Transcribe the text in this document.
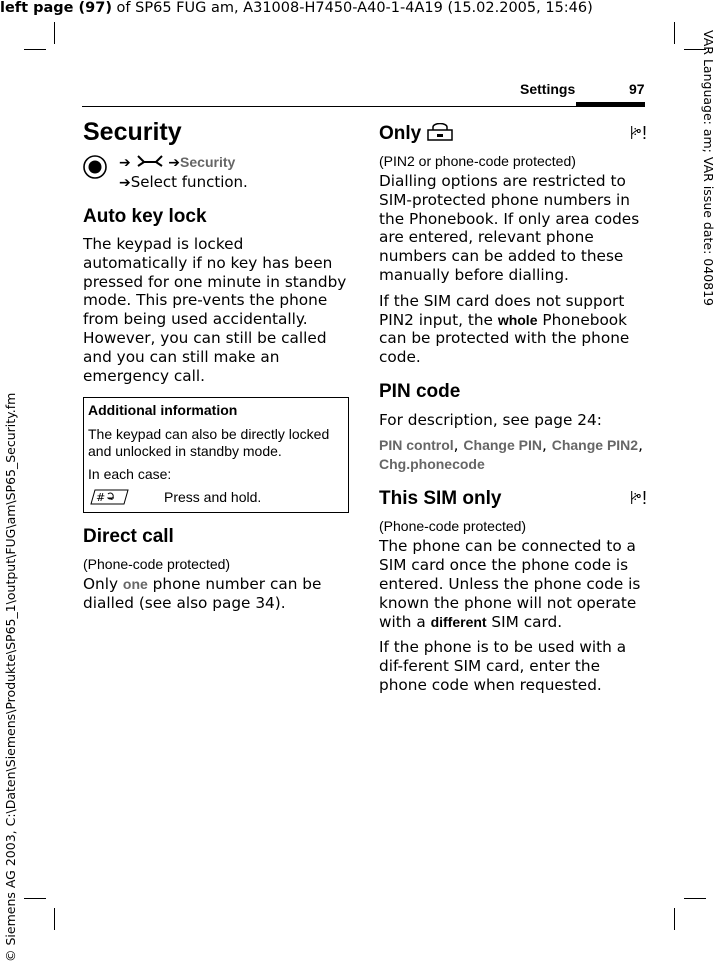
left page (97) of SP65 FUG am, A31008-H7450-A40-1-4A19 (15.02.2005, 15:46)
VAR Language: am; VAR issue date: 040819
© Siemens AG 2003, C:\Daten\Siemens\Produkte\SP65_1\output\FUG\am\SP65_Security.fm
Settings	97
Security
➔	➔Security
➔Select function.
Auto key lock

The keypad is locked automatically if no key has been pressed for one minute in standby mode. This pre-vents the phone from being used accidentally. However, you can still be called and you can still make an emergency call.

Additional information
The keypad can also be directly locked and unlocked in standby mode.
In each case:
#	Press and hold.
Direct call
(Phone-code protected)

Only one phone number can be dialled (see also page 34).

Only	ꔶ!
(PIN2 or phone-code protected)

Dialling options are restricted to SIM-protected phone numbers in the Phonebook. If only area codes are entered, relevant phone numbers can be added to these manually before dialling.

If the SIM card does not support PIN2 input, the whole Phonebook can be protected with the phone code.

PIN code

For description, see page 24:

PIN control, Change PIN, Change PIN2,
Chg.phonecode

This SIM only	ꔶ!
(Phone-code protected)

The phone can be connected to a SIM card once the phone code is entered. Unless the phone code is known the phone will not operate with a different SIM card.

If the phone is to be used with a dif-ferent SIM card, enter the phone code when requested.
